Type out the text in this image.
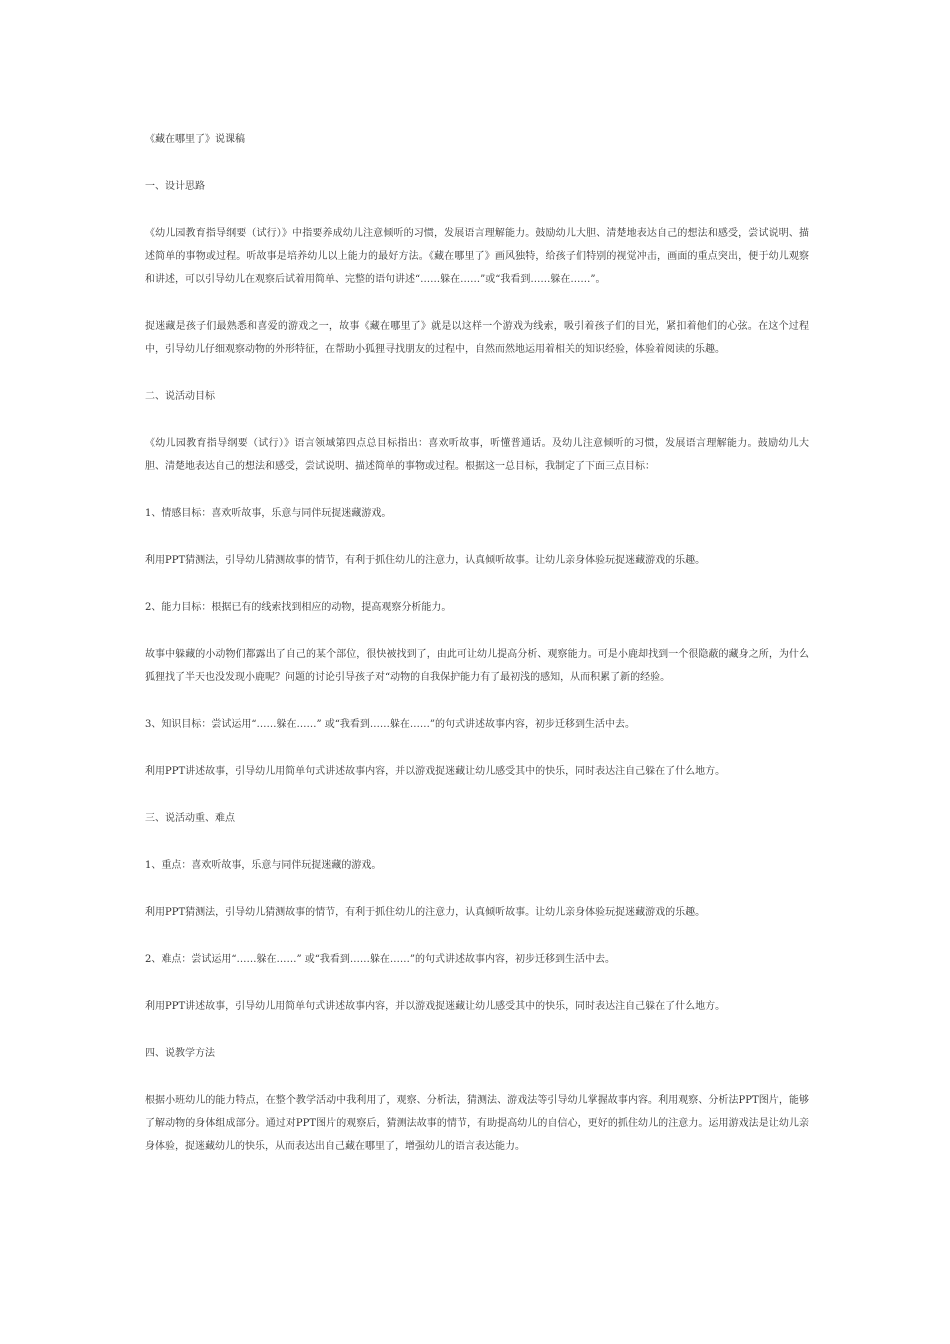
《藏在哪里了》说课稿

一、设计思路

《幼儿园教育指导纲要（试行）》中指要养成幼儿注意倾听的习惯，发展语言理解能力。鼓励幼儿大胆、清楚地表达自己的想法和感受，尝试说明、描述简单的事物或过程。听故事是培养幼儿以上能力的最好方法。《藏在哪里了》画风独特，给孩子们特别的视觉冲击，画面的重点突出，便于幼儿观察和讲述，可以引导幼儿在观察后试着用简单、完整的语句讲述“……躲在……”或“我看到……躲在……”。

捉迷藏是孩子们最熟悉和喜爱的游戏之一，故事《藏在哪里了》就是以这样一个游戏为线索，吸引着孩子们的目光，紧扣着他们的心弦。在这个过程中，引导幼儿仔细观察动物的外形特征，在帮助小狐狸寻找朋友的过程中，自然而然地运用着相关的知识经验，体验着阅读的乐趣。

二、说活动目标

《幼儿园教育指导纲要（试行）》语言领域第四点总目标指出：喜欢听故事，听懂普通话。及幼儿注意倾听的习惯，发展语言理解能力。鼓励幼儿大胆、清楚地表达自己的想法和感受，尝试说明、描述简单的事物或过程。根据这一总目标，我制定了下面三点目标：

1、情感目标：喜欢听故事，乐意与同伴玩捉迷藏游戏。

利用PPT猜测法，引导幼儿猜测故事的情节，有利于抓住幼儿的注意力，认真倾听故事。让幼儿亲身体验玩捉迷藏游戏的乐趣。

2、能力目标：根据已有的线索找到相应的动物，提高观察分析能力。

故事中躲藏的小动物们都露出了自己的某个部位，很快被找到了，由此可让幼儿提高分析、观察能力。可是小鹿却找到一个很隐蔽的藏身之所，为什么狐狸找了半天也没发现小鹿呢？问题的讨论引导孩子对“动物的自我保护能力有了最初浅的感知，从而积累了新的经验。

3、知识目标：尝试运用“……躲在……” 或“我看到……躲在……”的句式讲述故事内容，初步迁移到生活中去。

利用PPT讲述故事，引导幼儿用简单句式讲述故事内容，并以游戏捉迷藏让幼儿感受其中的快乐，同时表达注自己躲在了什么地方。

三、说活动重、难点

1、重点：喜欢听故事，乐意与同伴玩捉迷藏的游戏。

利用PPT猜测法，引导幼儿猜测故事的情节，有利于抓住幼儿的注意力，认真倾听故事。让幼儿亲身体验玩捉迷藏游戏的乐趣。

2、难点：尝试运用“……躲在……” 或“我看到……躲在……”的句式讲述故事内容，初步迁移到生活中去。

利用PPT讲述故事，引导幼儿用简单句式讲述故事内容，并以游戏捉迷藏让幼儿感受其中的快乐，同时表达注自己躲在了什么地方。

四、说教学方法

根据小班幼儿的能力特点，在整个教学活动中我利用了，观察、分析法，猜测法、游戏法等引导幼儿掌握故事内容。利用观察、分析法PPT图片，能够了解动物的身体组成部分。通过对PPT图片的观察后，猜测法故事的情节，有助提高幼儿的自信心，更好的抓住幼儿的注意力。运用游戏法是让幼儿亲身体验，捉迷藏幼儿的快乐，从而表达出自己藏在哪里了，增强幼儿的语言表达能力。
